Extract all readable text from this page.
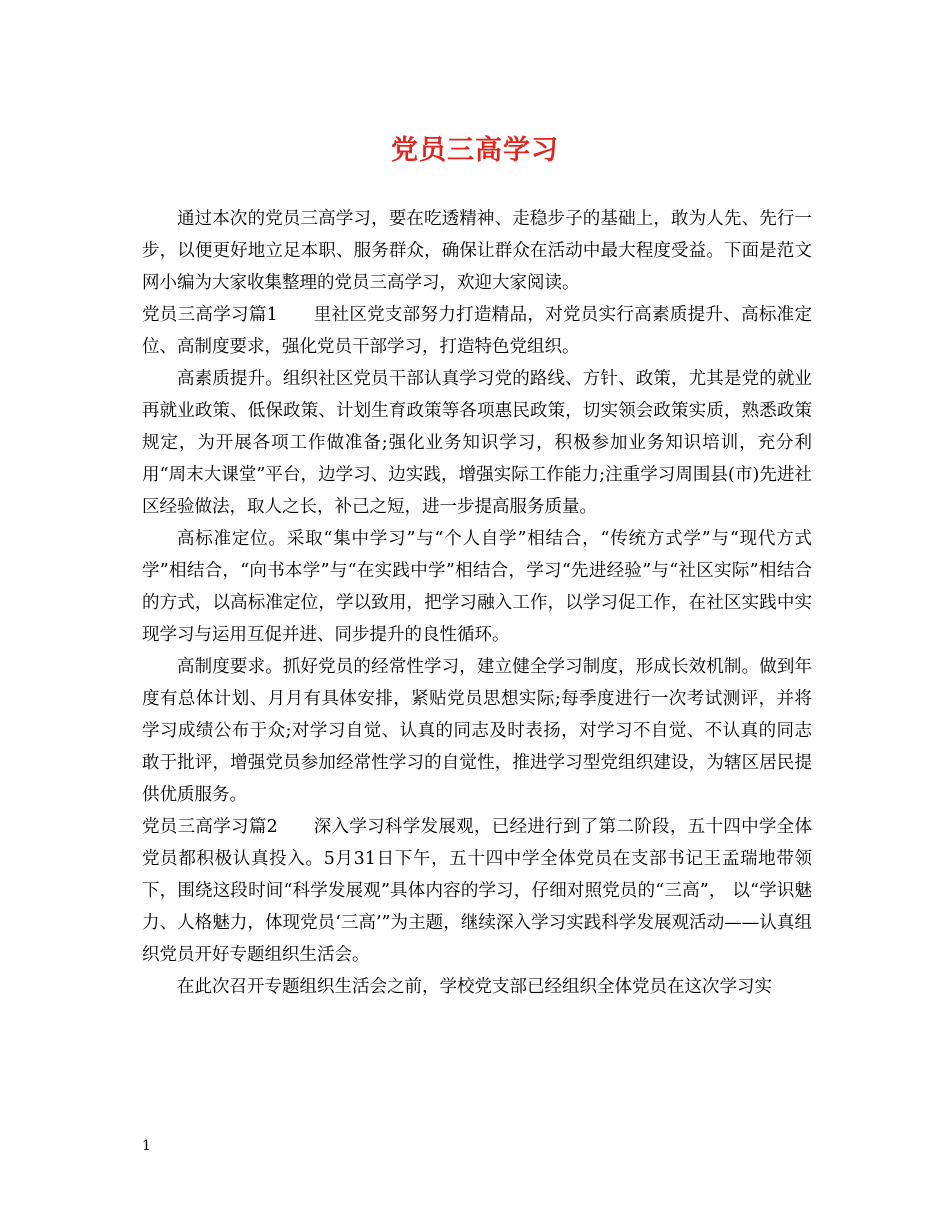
党员三高学习

通过本次的党员三高学习，要在吃透精神、走稳步子的基础上，敢为人先、先行一步，以便更好地立足本职、服务群众，确保让群众在活动中最大程度受益。下面是范文网小编为大家收集整理的党员三高学习，欢迎大家阅读。

党员三高学习篇1　　里社区党支部努力打造精品，对党员实行高素质提升、高标准定位、高制度要求，强化党员干部学习，打造特色党组织。

高素质提升。组织社区党员干部认真学习党的路线、方针、政策，尤其是党的就业再就业政策、低保政策、计划生育政策等各项惠民政策，切实领会政策实质，熟悉政策规定，为开展各项工作做准备;强化业务知识学习，积极参加业务知识培训，充分利用“周末大课堂”平台，边学习、边实践，增强实际工作能力;注重学习周围县(市)先进社区经验做法，取人之长，补己之短，进一步提高服务质量。

高标准定位。采取“集中学习”与“个人自学”相结合，“传统方式学”与“现代方式学”相结合，“向书本学”与“在实践中学”相结合，学习“先进经验”与“社区实际”相结合的方式，以高标准定位，学以致用，把学习融入工作，以学习促工作，在社区实践中实现学习与运用互促并进、同步提升的良性循环。

高制度要求。抓好党员的经常性学习，建立健全学习制度，形成长效机制。做到年度有总体计划、月月有具体安排，紧贴党员思想实际;每季度进行一次考试测评，并将学习成绩公布于众;对学习自觉、认真的同志及时表扬，对学习不自觉、不认真的同志敢于批评，增强党员参加经常性学习的自觉性，推进学习型党组织建设，为辖区居民提供优质服务。

党员三高学习篇2　　深入学习科学发展观，已经进行到了第二阶段，五十四中学全体党员都积极认真投入。5月31日下午，五十四中学全体党员在支部书记王孟瑞地带领下，围绕这段时间“科学发展观”具体内容的学习，仔细对照党员的“三高”， 以“学识魅力、人格魅力，体现党员‘三高’”为主题，继续深入学习实践科学发展观活动——认真组织党员开好专题组织生活会。

在此次召开专题组织生活会之前，学校党支部已经组织全体党员在这次学习实

1
